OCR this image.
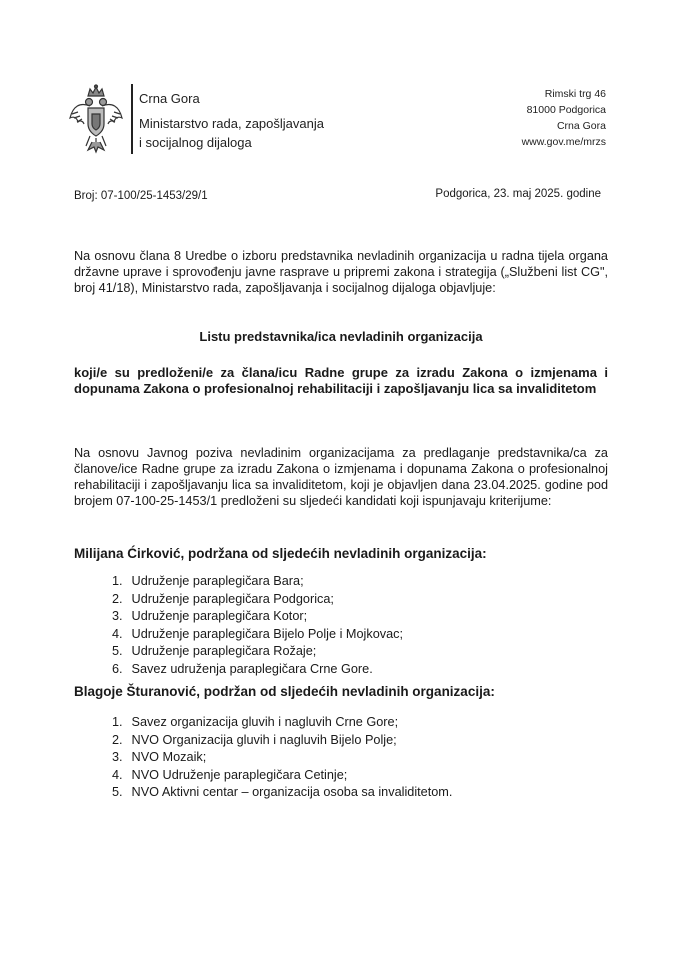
Crna Gora
Ministarstvo rada, zapošljavanja
i socijalnog dijaloga
Rimski trg 46
81000 Podgorica
Crna Gora
www.gov.me/mrzs
Broj: 07-100/25-1453/29/1	Podgorica, 23. maj 2025. godine
Na osnovu člana 8 Uredbe o izboru predstavnika nevladinih organizacija u radna tijela organa državne uprave i sprovođenju javne rasprave u pripremi zakona i strategija („Službeni list CG", broj 41/18), Ministarstvo rada, zapošljavanja i socijalnog dijaloga objavljuje:
Listu predstavnika/ica nevladinih organizacija
koji/e su predloženi/e za člana/icu Radne grupe za izradu Zakona o izmjenama i dopunama Zakona o profesionalnoj rehabilitaciji i zapošljavanju lica sa invaliditetom
Na osnovu Javnog poziva nevladinim organizacijama za predlaganje predstavnika/ca za članove/ice Radne grupe za izradu Zakona o izmjenama i dopunama Zakona o profesionalnoj rehabilitaciji i zapošljavanju lica sa invaliditetom, koji je objavljen dana 23.04.2025. godine pod brojem 07-100-25-1453/1 predloženi su sljedeći kandidati koji ispunjavaju kriterijume:
Milijana Ćirković, podržana od sljedećih nevladinih organizacija:
1. Udruženje paraplegičara Bara;
2. Udruženje paraplegičara Podgorica;
3. Udruženje paraplegičara Kotor;
4. Udruženje paraplegičara Bijelo Polje i Mojkovac;
5. Udruženje paraplegičara Rožaje;
6. Savez udruženja paraplegičara Crne Gore.
Blagoje Šturanović, podržan od sljedećih nevladinih organizacija:
1. Savez organizacija gluvih i nagluvih Crne Gore;
2. NVO Organizacija gluvih i nagluvih Bijelo Polje;
3. NVO Mozaik;
4. NVO Udruženje paraplegičara Cetinje;
5. NVO Aktivni centar – organizacija osoba sa invaliditetom.
